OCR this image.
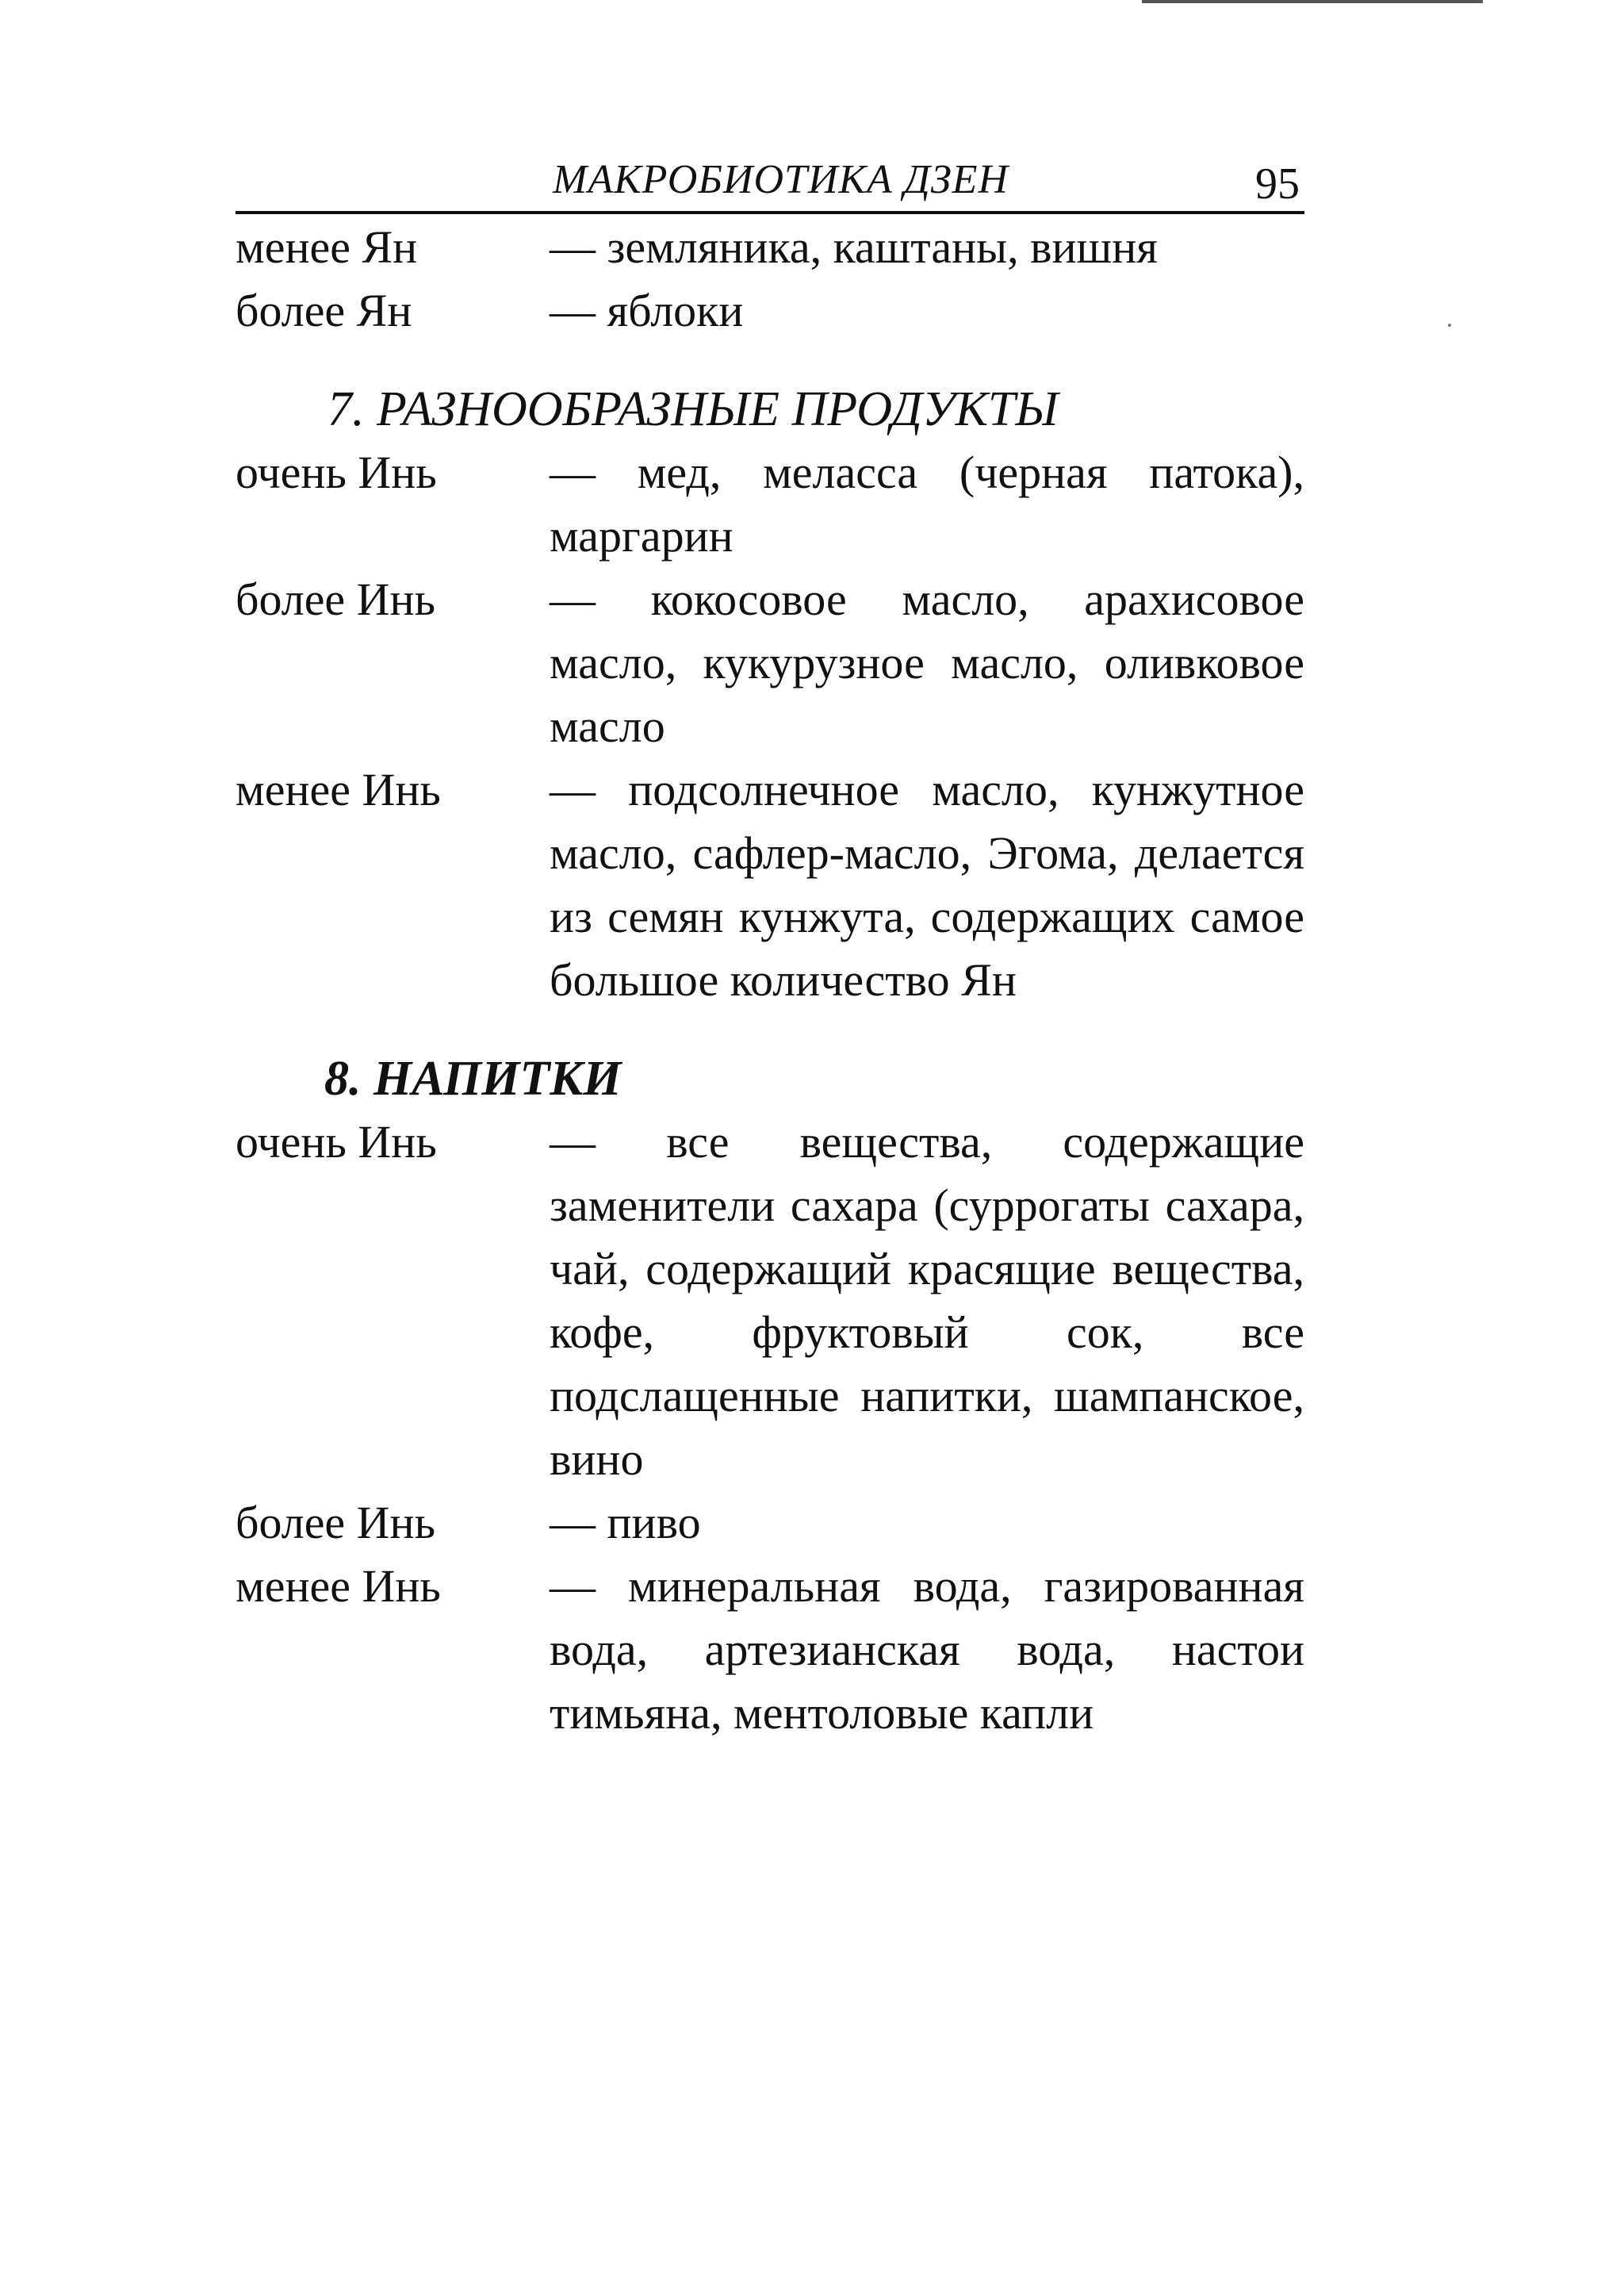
МАКРОБИОТИКА ДЗЕН	95
менее Ян	— земляника, каштаны, вишня
более Ян	— яблоки
7. РАЗНООБРАЗНЫЕ ПРОДУКТЫ
очень Инь	— мед, меласса (черная патока), маргарин
более Инь	— кокосовое масло, арахисовое масло, кукурузное масло, оливковое масло
менее Инь	— подсолнечное масло, кунжутное масло, сафлер-масло, Эгома, делается из семян кунжута, содержащих самое большое количество Ян
8. НАПИТКИ
очень Инь	— все вещества, содержащие заменители сахара (суррогаты сахара, чай, содержащий красящие вещества, кофе, фруктовый сок, все подслащенные напитки, шампанское, вино
более Инь	— пиво
менее Инь	— минеральная вода, газированная вода, артезианская вода, настои тимьяна, ментоловые капли
